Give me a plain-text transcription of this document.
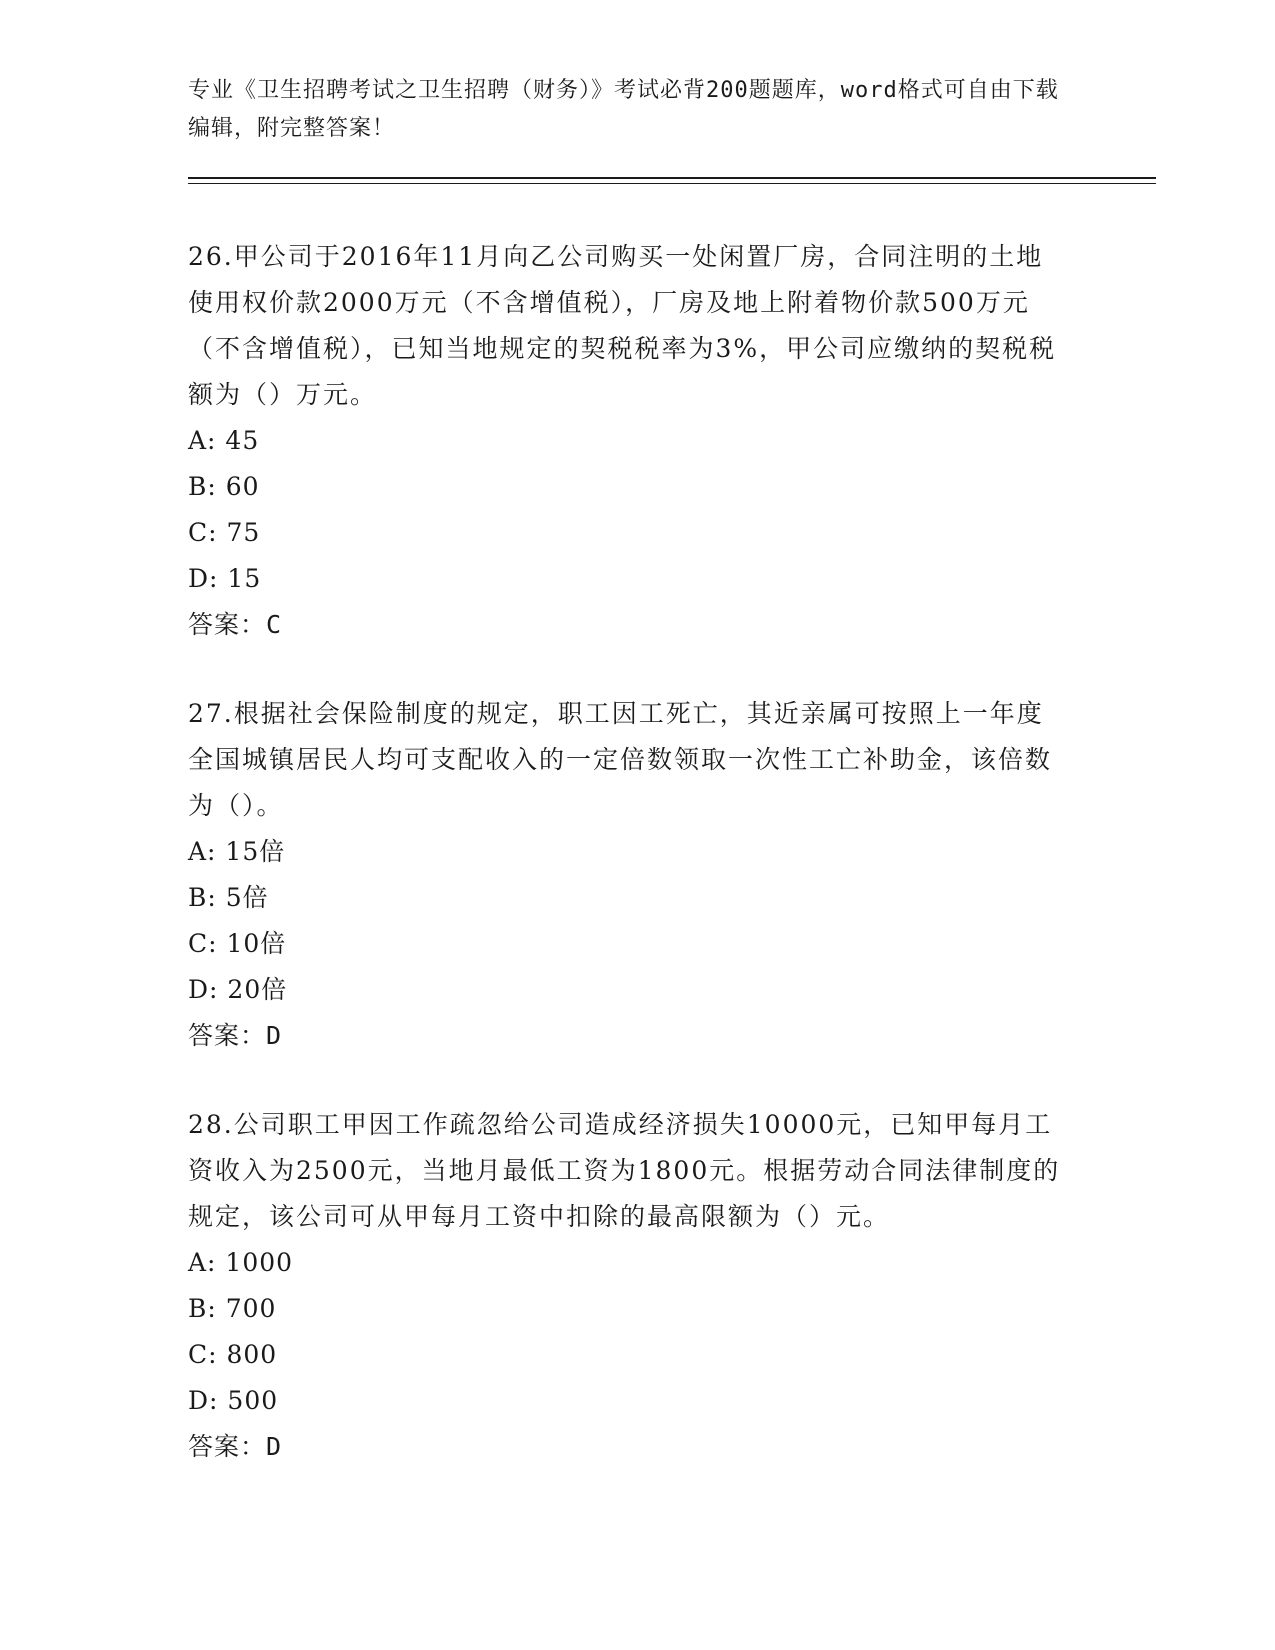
专业《卫生招聘考试之卫生招聘（财务）》考试必背200题题库，word格式可自由下载编辑，附完整答案！
26.甲公司于2016年11月向乙公司购买一处闲置厂房，合同注明的土地使用权价款2000万元（不含增值税），厂房及地上附着物价款500万元（不含增值税），已知当地规定的契税税率为3%，甲公司应缴纳的契税税额为（）万元。
A: 45
B: 60
C: 75
D: 15
答案：C
27.根据社会保险制度的规定，职工因工死亡，其近亲属可按照上一年度全国城镇居民人均可支配收入的一定倍数领取一次性工亡补助金，该倍数为（）。
A: 15倍
B: 5倍
C: 10倍
D: 20倍
答案：D
28.公司职工甲因工作疏忽给公司造成经济损失10000元，已知甲每月工资收入为2500元，当地月最低工资为1800元。根据劳动合同法律制度的规定，该公司可从甲每月工资中扣除的最高限额为（）元。
A: 1000
B: 700
C: 800
D: 500
答案：D
